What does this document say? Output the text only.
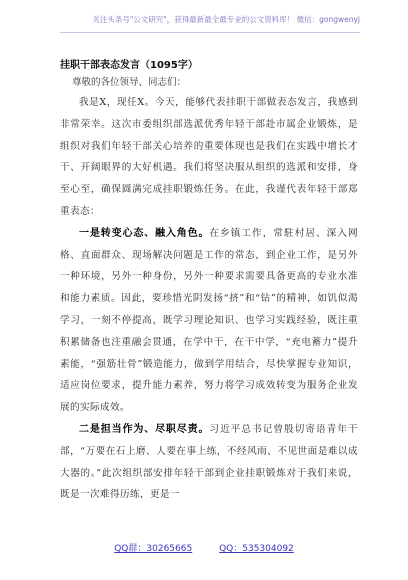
关注头条号"公文研究"，获得最新最全最专业的公文资料库！ 微信：gongwenyj
挂职干部表态发言（1095字）
尊敬的各位领导、同志们：

我是X，现任X。今天，能够代表挂职干部做表态发言，我感到非常荣幸。这次市委组织部选派优秀年轻干部赴市属企业锻炼，是组织对我们年轻干部关心培养的重要体现也是我们在实践中增长才干、开阔眼界的大好机遇。我们将坚决服从组织的选派和安排，身至心至，确保圆满完成挂职锻炼任务。在此，我谨代表年轻干部郑重表态：

一是转变心态、融入角色。在乡镇工作，常駐村居、深入网格、直面群众、现场解决问题是工作的常态，到企业工作，是另外一种环境，另外一种身份，另外一种要求需要具备更高的专业水准和能力素质。因此，要珍惜光阴发扬“挤”和“钻”的精神，如饥似渴学习，一刻不停提高，既学习理论知识、也学习实践经验，既注重积累储备也注重融会贯通，在学中干，在干中学，“充电蓄力”提升素能，“强筋壮骨”锻造能力，做到学用结合，尽快掌握专业知识，适应岗位要求，提升能力素养，努力将学习成效转变为服务企业发展的实际成效。

二是担当作为、尽职尽责。习近平总书记曾殷切寄语青年干部，“万要在石上磨、人要在事上练，不经风雨、不见世面是难以成大器的。”此次组织部安排年轻干部到企业挂职锻炼对于我们来说，既是一次难得历练，更是一

QQ群：30265665	QQ：535304092
